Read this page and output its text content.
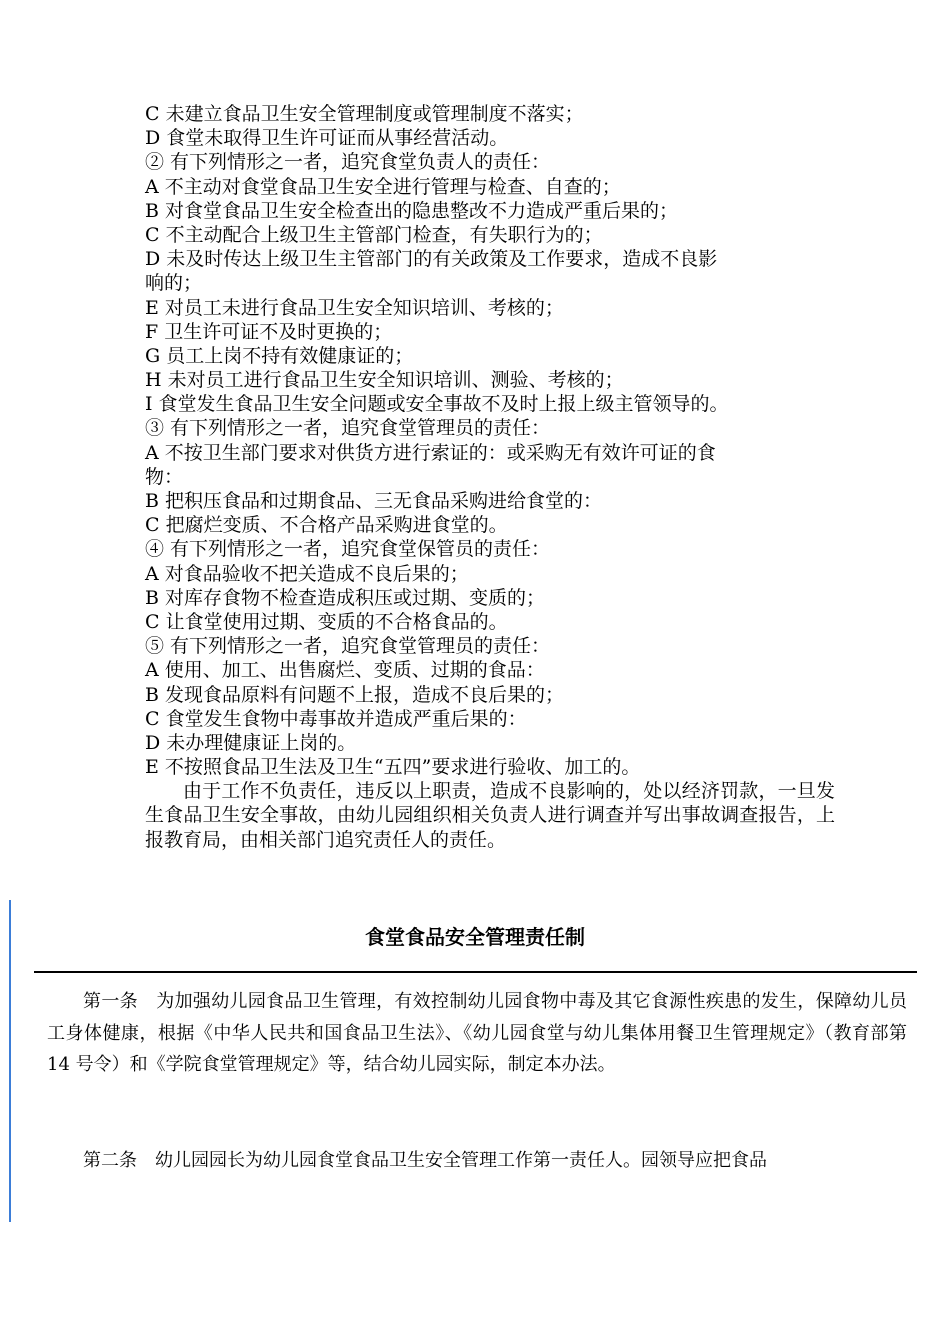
C 未建立食品卫生安全管理制度或管理制度不落实；
D 食堂未取得卫生许可证而从事经营活动。
② 有下列情形之一者，追究食堂负责人的责任：
A 不主动对食堂食品卫生安全进行管理与检查、自查的；
B 对食堂食品卫生安全检查出的隐患整改不力造成严重后果的；
C 不主动配合上级卫生主管部门检查，有失职行为的；
D 未及时传达上级卫生主管部门的有关政策及工作要求，造成不良影
响的；
E 对员工未进行食品卫生安全知识培训、考核的；
F 卫生许可证不及时更换的；
G 员工上岗不持有效健康证的；
H 未对员工进行食品卫生安全知识培训、测验、考核的；
I 食堂发生食品卫生安全问题或安全事故不及时上报上级主管领导的。
③ 有下列情形之一者，追究食堂管理员的责任：
A 不按卫生部门要求对供货方进行索证的：或采购无有效许可证的食
物：
B 把积压食品和过期食品、三无食品采购进给食堂的：
C 把腐烂变质、不合格产品采购进食堂的。
④ 有下列情形之一者，追究食堂保管员的责任：
A 对食品验收不把关造成不良后果的；
B 对库存食物不检查造成积压或过期、变质的；
C 让食堂使用过期、变质的不合格食品的。
⑤ 有下列情形之一者，追究食堂管理员的责任：
A 使用、加工、出售腐烂、变质、过期的食品：
B 发现食品原料有问题不上报，造成不良后果的；
C 食堂发生食物中毒事故并造成严重后果的：
D 未办理健康证上岗的。
E 不按照食品卫生法及卫生“五四”要求进行验收、加工的。
由于工作不负责任，违反以上职责，造成不良影响的，处以经济罚款，一旦发生食品卫生安全事故，由幼儿园组织相关负责人进行调查并写出事故调查报告，上报教育局，由相关部门追究责任人的责任。
食堂食品安全管理责任制
第一条　为加强幼儿园食品卫生管理，有效控制幼儿园食物中毒及其它食源性疾患的发生，保障幼儿员工身体健康，根据《中华人民共和国食品卫生法》、《幼儿园食堂与幼儿集体用餐卫生管理规定》（教育部第 14 号令）和《学院食堂管理规定》等，结合幼儿园实际，制定本办法。
第二条　幼儿园园长为幼儿园食堂食品卫生安全管理工作第一责任人。园领导应把食品
